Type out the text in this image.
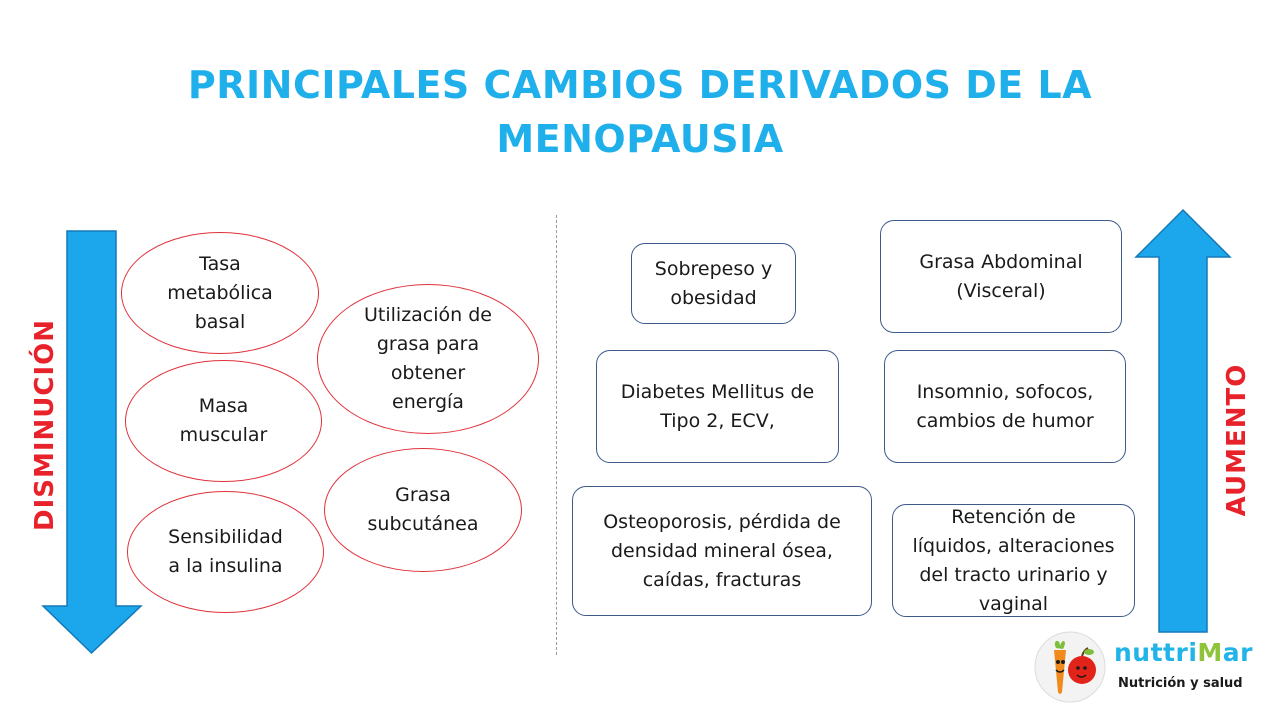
PRINCIPALES CAMBIOS DERIVADOS DE LA
MENOPAUSIA
DISMINUCIÓN	AUMENTO
Tasa
metabólica
basal
Masa
muscular
Sensibilidad
a la insulina
Utilización de
grasa para
obtener
energía
Grasa
subcutánea
Sobrepeso y
obesidad
Grasa Abdominal
(Visceral)
Diabetes Mellitus de
Tipo 2, ECV,
Insomnio, sofocos,
cambios de humor
Osteoporosis, pérdida de
densidad mineral ósea,
caídas, fracturas
Retención de
líquidos, alteraciones
del tracto urinario y
vaginal
nuttriMar
Nutrición y salud
